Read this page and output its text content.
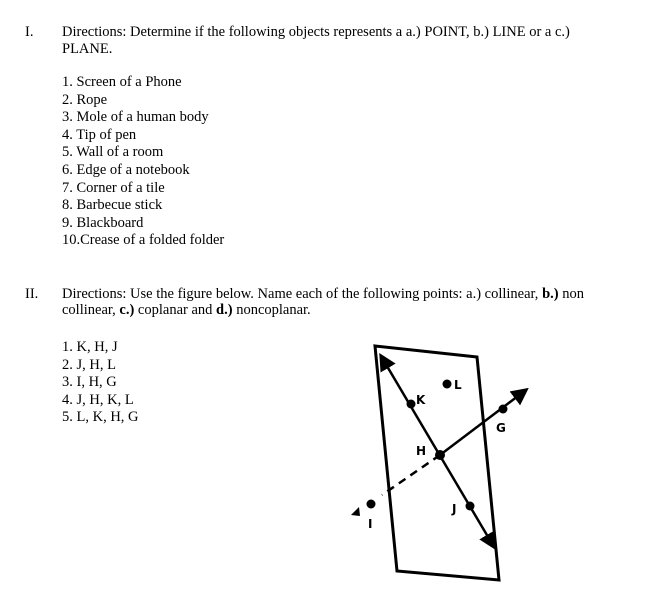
I. Directions: Determine if the following objects represents a a.) POINT, b.) LINE or a c.)
PLANE.
II. Directions: Use the figure below. Name each of the following points: a.) collinear, b.) non
collinear, c.) coplanar and d.) noncoplanar.
K
L
G
H
J
I
1. Screen of a Phone
2. Rope
3. Mole of a human body
4. Tip of pen
5. Wall of a room
6. Edge of a notebook
7. Corner of a tile
8. Barbecue stick
9. Blackboard
10.Crease of a folded folder
1. K, H, J
2. J, H, L
3. I, H, G
4. J, H, K, L
5. L, K, H, G
